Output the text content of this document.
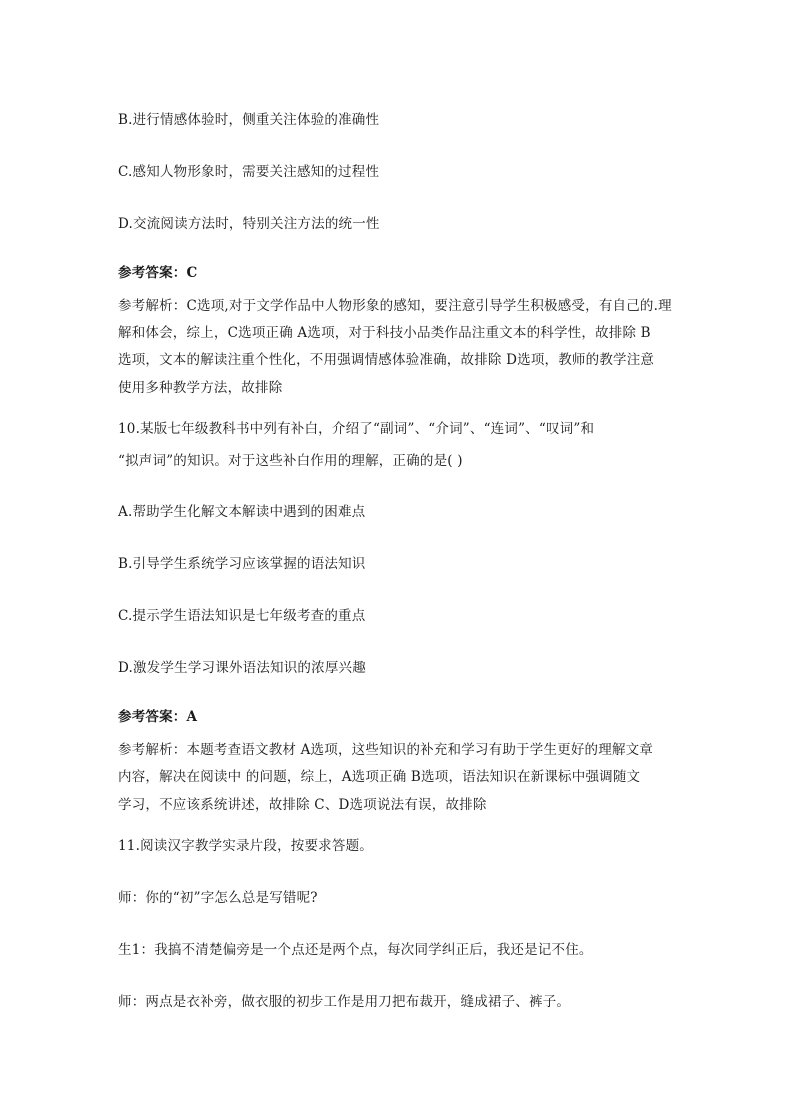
B.进行情感体验时，侧重关注体验的准确性
C.感知人物形象时，需要关注感知的过程性
D.交流阅读方法时，特别关注方法的统一性
参考答案：C
参考解析：C选项,对于文学作品中人物形象的感知，要注意引导学生积极感受，有自己的.理
解和体会，综上，C选项正确 A选项，对于科技小品类作品注重文本的科学性，故排除 B
选项，文本的解读注重个性化，不用强调情感体验准确，故排除 D选项，教师的教学注意
使用多种教学方法，故排除
10.某版七年级教科书中列有补白，介绍了“副词”、“介词”、“连词”、“叹词”和
“拟声词”的知识。对于这些补白作用的理解，正确的是( )
A.帮助学生化解文本解读中遇到的困难点
B.引导学生系统学习应该掌握的语法知识
C.提示学生语法知识是七年级考查的重点
D.激发学生学习课外语法知识的浓厚兴趣
参考答案：A
参考解析：本题考查语文教材 A选项，这些知识的补充和学习有助于学生更好的理解文章
内容，解决在阅读中 的问题，综上，A选项正确 B选项，语法知识在新课标中强调随文
学习，不应该系统讲述，故排除 C、D选项说法有误，故排除
11.阅读汉字教学实录片段，按要求答题。
师：你的“初”字怎么总是写错呢?
生1：我搞不清楚偏旁是一个点还是两个点，每次同学纠正后，我还是记不住。
师：两点是衣补旁，做衣服的初步工作是用刀把布裁开，缝成裙子、裤子。
